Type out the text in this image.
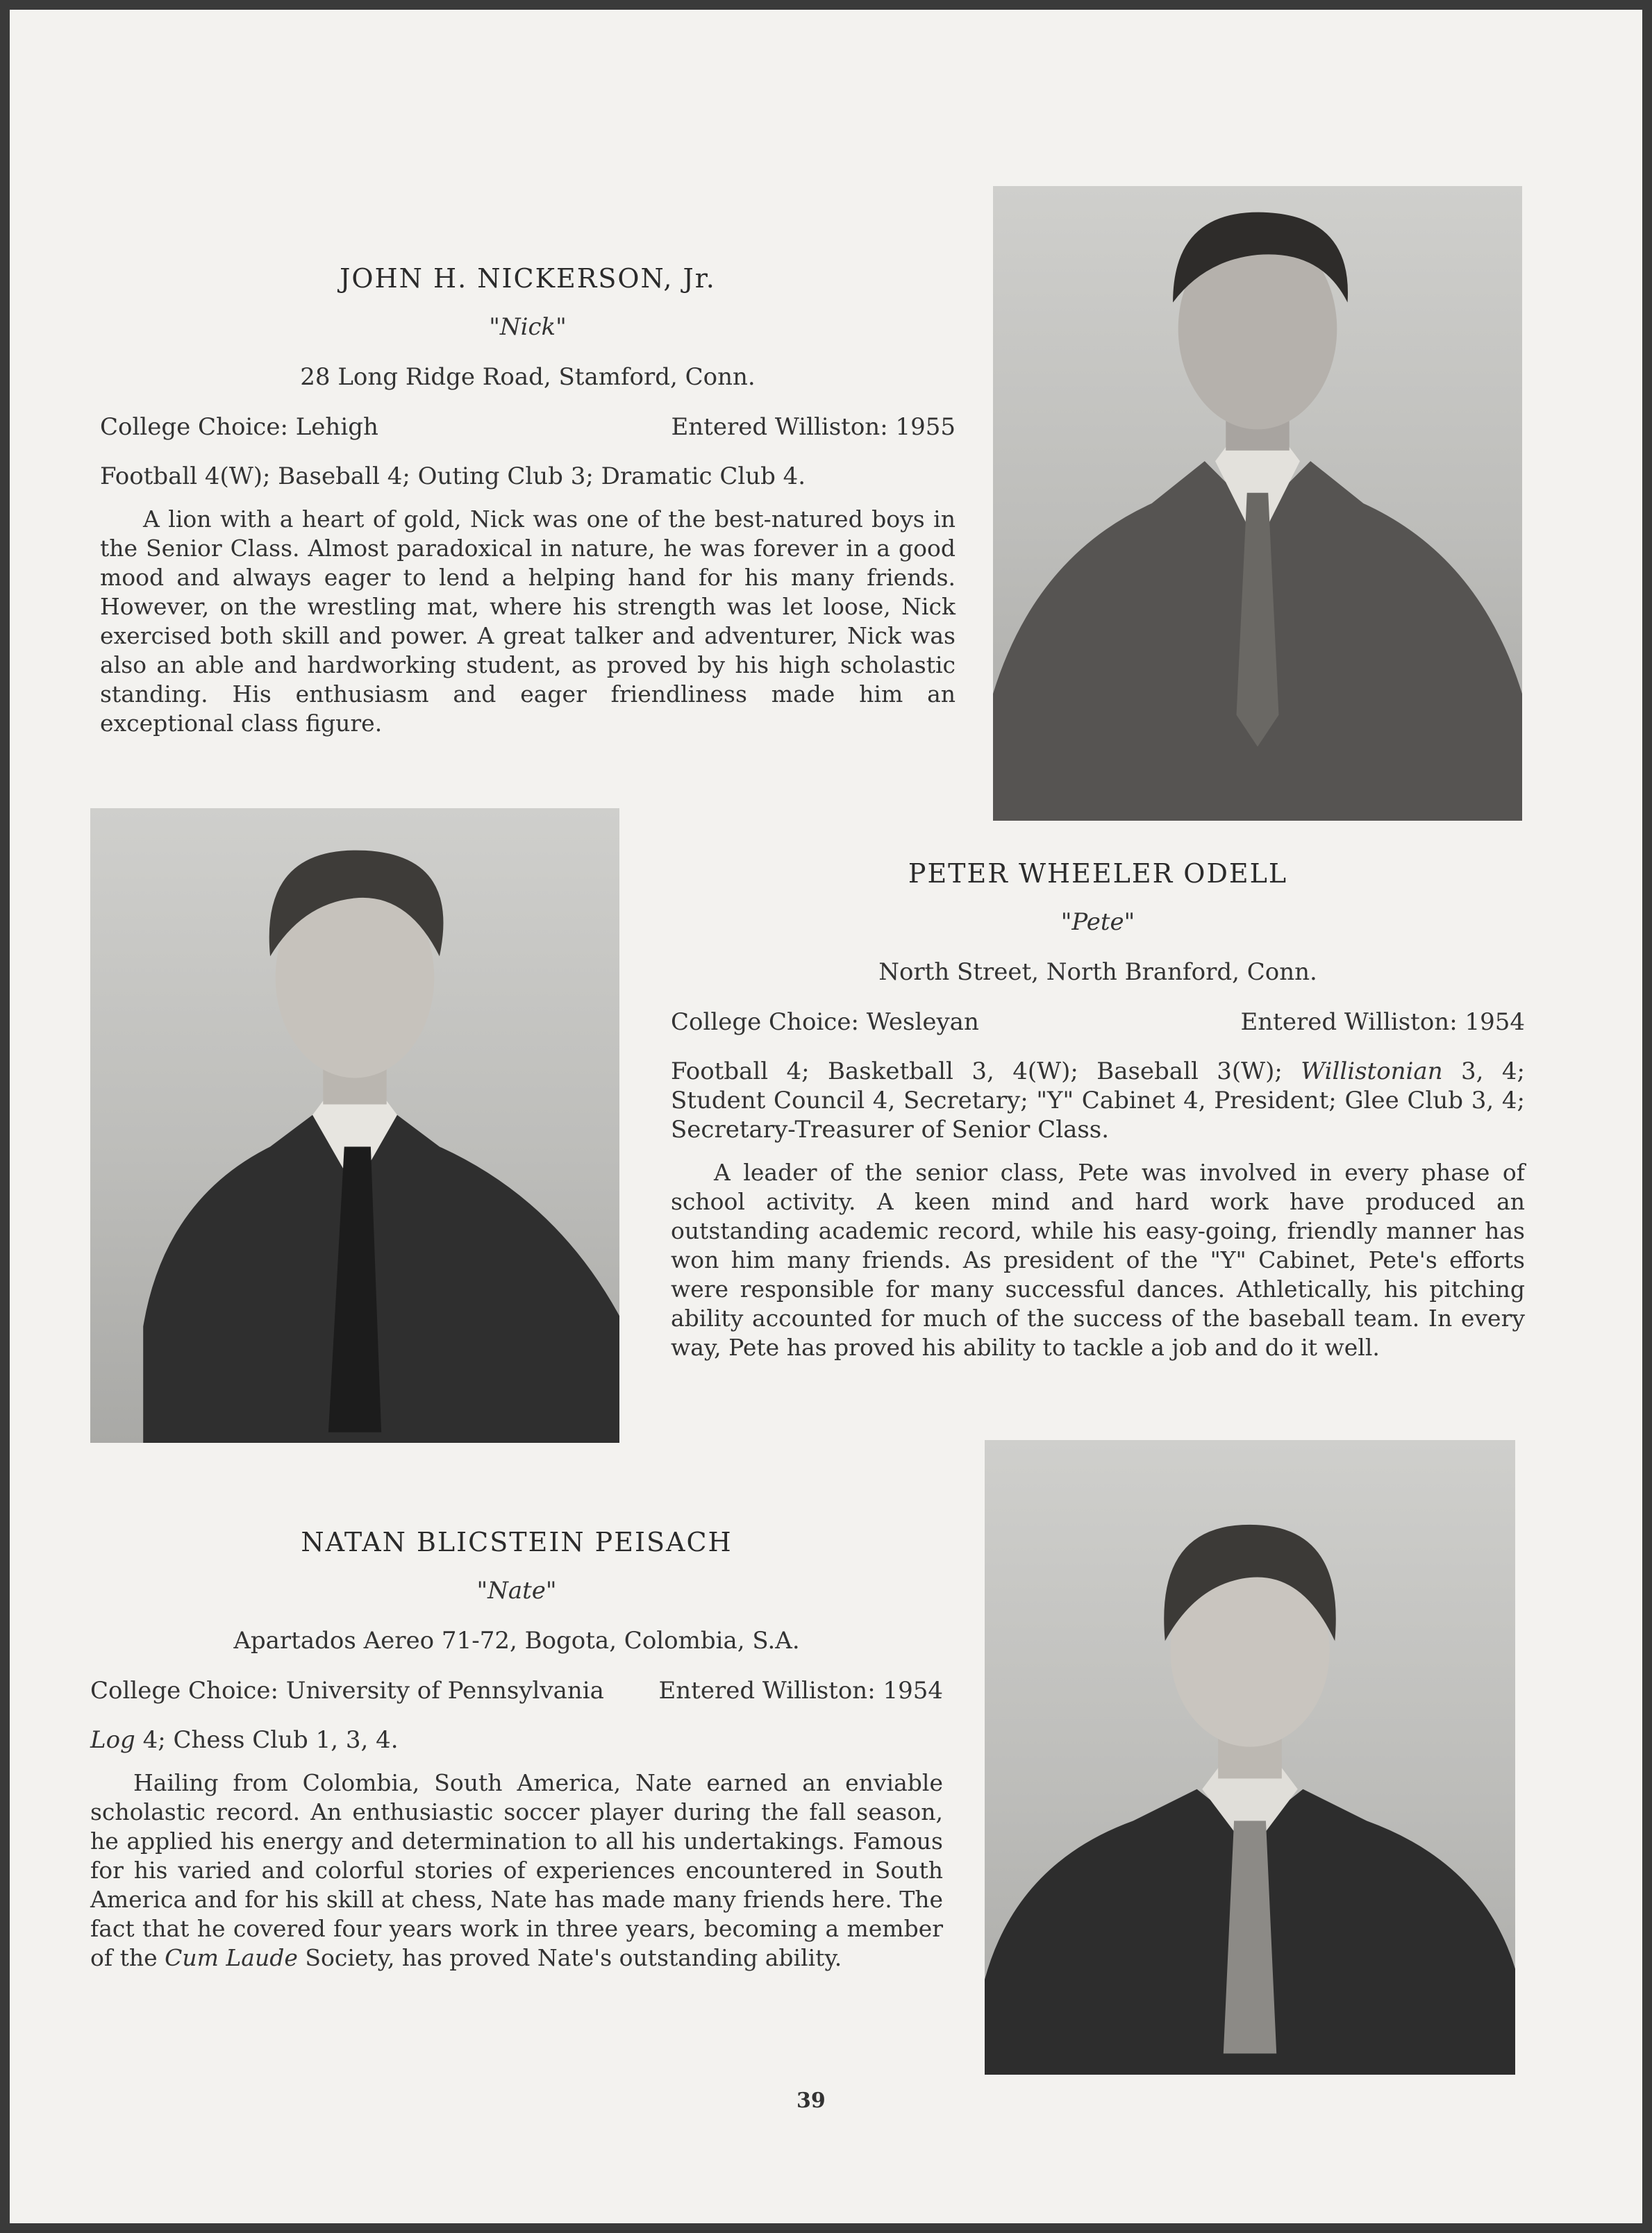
JOHN H. NICKERSON, Jr.
"Nick"
28 Long Ridge Road, Stamford, Conn.
College Choice: Lehigh	Entered Williston: 1955
Football 4(W); Baseball 4; Outing Club 3; Dramatic Club 4.

A lion with a heart of gold, Nick was one of the best-natured boys in the Senior Class. Almost paradoxical in nature, he was forever in a good mood and always eager to lend a helping hand for his many friends. However, on the wrestling mat, where his strength was let loose, Nick exercised both skill and power. A great talker and adventurer, Nick was also an able and hardworking student, as proved by his high scholastic standing. His enthusiasm and eager friendliness made him an exceptional class figure.

PETER WHEELER ODELL
"Pete"
North Street, North Branford, Conn.
College Choice: Wesleyan	Entered Williston: 1954
Football 4; Basketball 3, 4(W); Baseball 3(W); Willistonian 3, 4; Student Council 4, Secretary; "Y" Cabinet 4, President; Glee Club 3, 4; Secretary-Treasurer of Senior Class.

A leader of the senior class, Pete was involved in every phase of school activity. A keen mind and hard work have produced an outstanding academic record, while his easy-going, friendly manner has won him many friends. As president of the "Y" Cabinet, Pete's efforts were responsible for many successful dances. Athletically, his pitching ability accounted for much of the success of the baseball team. In every way, Pete has proved his ability to tackle a job and do it well.

NATAN BLICSTEIN PEISACH
"Nate"
Apartados Aereo 71-72, Bogota, Colombia, S.A.
College Choice: University of Pennsylvania Entered Williston: 1954
Log 4; Chess Club 1, 3, 4.

Hailing from Colombia, South America, Nate earned an enviable scholastic record. An enthusiastic soccer player during the fall season, he applied his energy and determination to all his undertakings. Famous for his varied and colorful stories of experiences encountered in South America and for his skill at chess, Nate has made many friends here. The fact that he covered four years work in three years, becoming a member of the Cum Laude Society, has proved Nate's outstanding ability.

39
